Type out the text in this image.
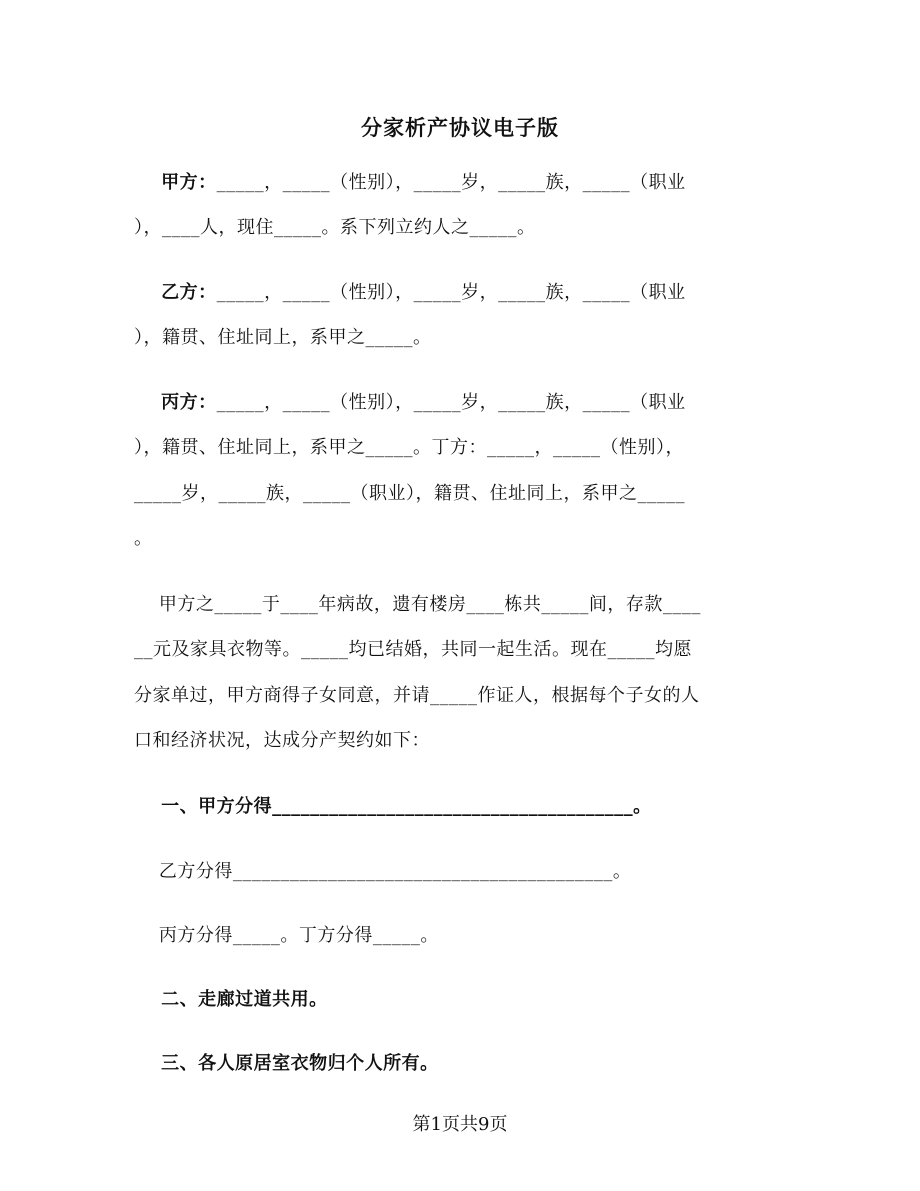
分家析产协议电子版
甲方：_____，_____（性别），_____岁，_____族，_____（职业
），____人，现住_____。系下列立约人之_____。
乙方：_____，_____（性别），_____岁，_____族，_____（职业
），籍贯、住址同上，系甲之_____。
丙方：_____，_____（性别），_____岁，_____族，_____（职业
），籍贯、住址同上，系甲之_____。丁方：_____，_____（性别），
_____岁，_____族，_____（职业），籍贯、住址同上，系甲之_____
。
甲方之_____于____年病故，遗有楼房____栋共_____间，存款____
__元及家具衣物等。_____均已结婚，共同一起生活。现在_____均愿
分家单过，甲方商得子女同意，并请_____作证人，根据每个子女的人
口和经济状况，达成分产契约如下：
一、甲方分得______________________________________。
乙方分得________________________________________。
丙方分得_____。丁方分得_____。
二、走廊过道共用。
三、各人原居室衣物归个人所有。
第1页共9页
